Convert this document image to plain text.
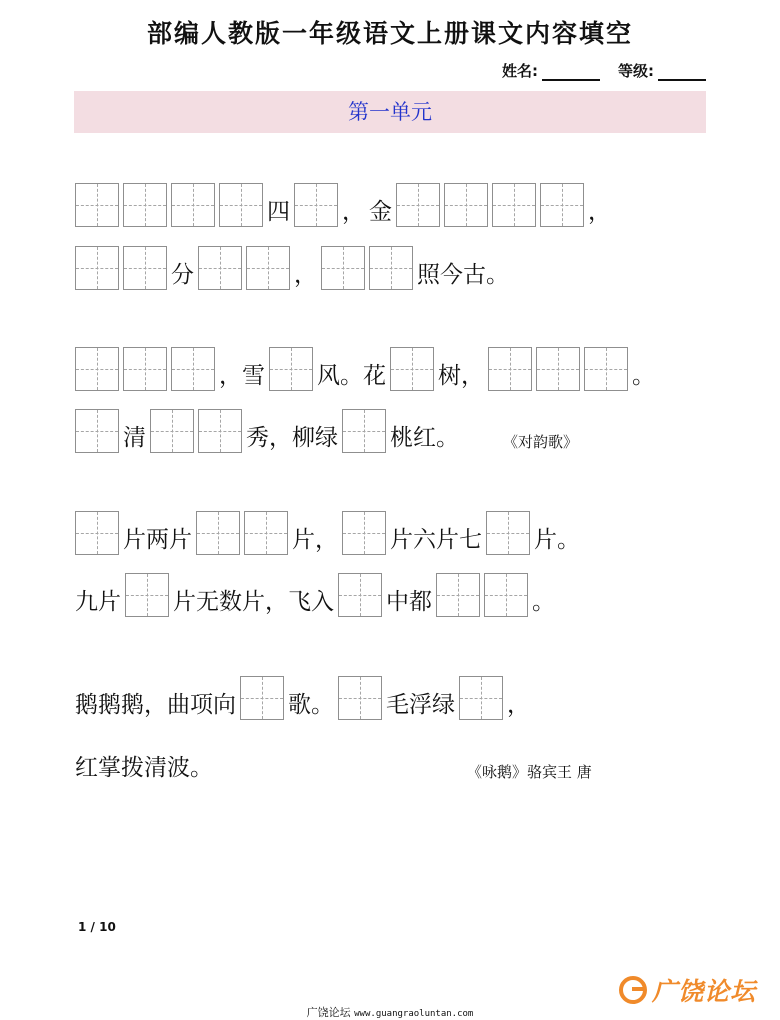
部编人教版一年级语文上册课文内容填空
姓名:	等级:
第一单元
四 ， 金	，
分	，	照今古。
，雪 风。花 树，	。
清	秀，柳绿 桃红。	《对韵歌》
片两片	片， 片六片七 片。
九片 片无数片，飞入 中都	。
鹅鹅鹅，曲项向 歌。 毛浮绿 ，
红掌拨清波。	《咏鹅》骆宾王 唐
1 / 10
广饶论坛 www.guangraoluntan.com
广饶论坛
